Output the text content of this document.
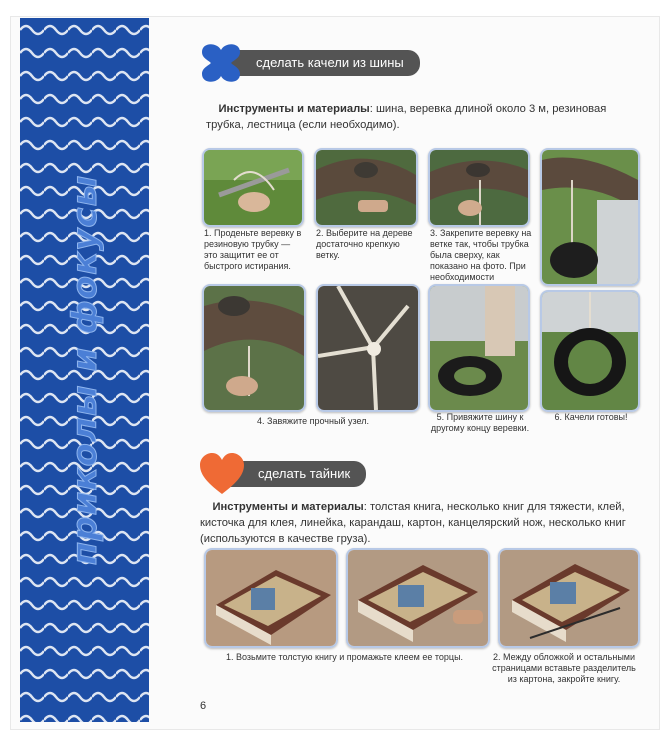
приколы и фокусы
сделать качели из шины
Инструменты и материалы: шина, веревка длиной около 3 м, резиновая трубка, лестница (если необходимо).
1. Проденьте веревку в резиновую трубку — это защитит ее от быстрого истирания.
2. Выберите на дереве достаточно крепкую ветку.
3. Закрепите веревку на ветке так, чтобы трубка была сверху, как показано на фото. При необходимости
4. Завяжите прочный узел.	5. Привяжите шину к другому концу веревки.
6. Качели готовы!
сделать тайник
Инструменты и материалы: толстая книга, несколько книг для тяжести, клей, кисточка для клея, линейка, карандаш, картон, канцелярский нож, несколько книг (используются в качестве груза).
1. Возьмите толстую книгу и промажьте клеем ее торцы.	2. Между обложкой и остальными страницами вставьте разделитель из картона, закройте книгу.
6
